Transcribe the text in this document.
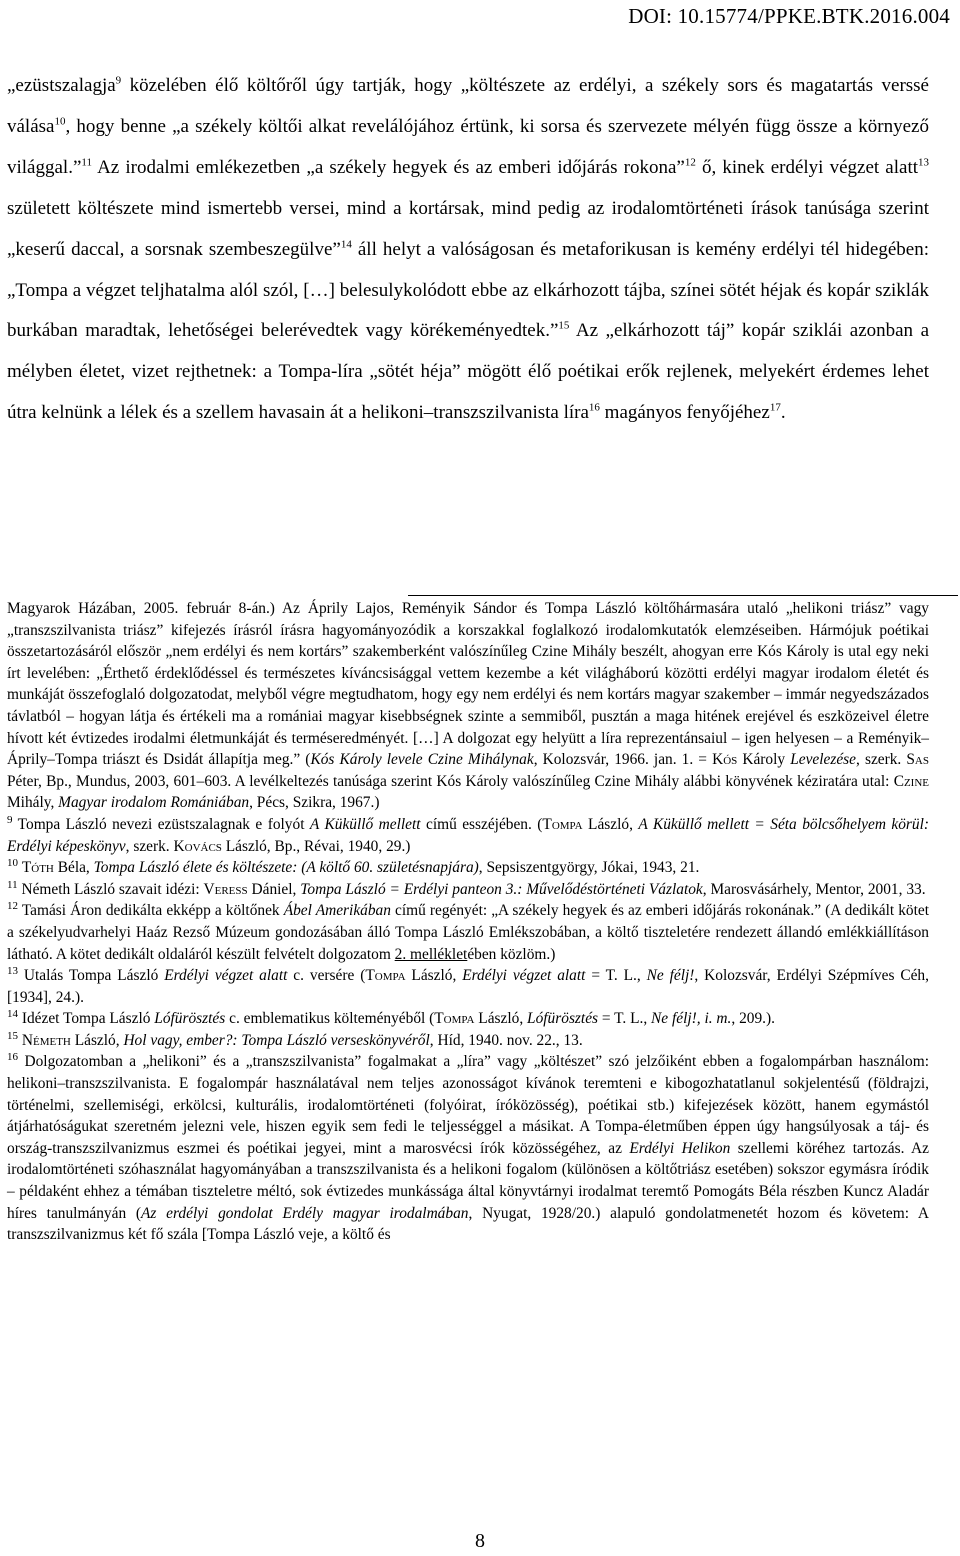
DOI: 10.15774/PPKE.BTK.2016.004
„ezüstszalagja$^9$ közelében élő költőről úgy tartják, hogy „költészete az erdélyi, a székely sors és magatartás verssé válása$^{10}$, hogy benne „a székely költői alkat revelálójához értünk, ki sorsa és szervezete mélyén függ össze a környező világgal.”$^{11}$ Az irodalmi emlékezetben „a székely hegyek és az emberi időjárás rokona”$^{12}$ ő, kinek erdélyi végzet alatt$^{13}$ született költészete mind ismertebb versei, mind a kortársak, mind pedig az irodalomtörténeti írások tanúsága szerint „keserű daccal, a sorsnak szembeszegülve”$^{14}$ áll helyt a valóságosan és metaforikusan is kemény erdélyi tél hidegében: „Tompa a végzet teljhatalma alól szól, […] belesulykolódott ebbe az elkárhozott tájba, színei sötét héjak és kopár sziklák burkában maradtak, lehetőségei belerévedtek vagy körékeményedtek.”$^{15}$ Az „elkárhozott táj” kopár sziklái azonban a mélyben életet, vizet rejthetnek: a Tompa-líra „sötét héja” mögött élő poétikai erők rejlenek, melyekért érdemes lehet útra kelnünk a lélek és a szellem havasain át a helikoni–transzszilvanista líra$^{16}$ magányos fenyőjéhez$^{17}$.
Magyarok Házában, 2005. február 8-án.) Az Áprily Lajos, Reményik Sándor és Tompa László költőhármasára utaló „helikoni triász” vagy „transzszilvanista triász” kifejezés írásról írásra hagyományozódik a korszakkal foglalkozó irodalomkutatók elemzéseiben. Hármójuk poétikai összetartozásáról először „nem erdélyi és nem kortárs” szakemberként valószínűleg Czine Mihály beszélt, ahogyan erre Kós Károly is utal egy neki írt levelében: „Érthető érdeklődéssel és természetes kíváncsisággal vettem kezembe a két világháború közötti erdélyi magyar irodalom életét és munkáját összefoglaló dolgozatodat, melyből végre megtudhatom, hogy egy nem erdélyi és nem kortárs magyar szakember – immár negyedszázados távlatból – hogyan látja és értékeli ma a romániai magyar kisebbségnek szinte a semmiből, pusztán a maga hitének erejével és eszközeivel életre hívott két évtizedes irodalmi életmunkáját és terméseredményét. […] A dolgozat egy helyütt a líra reprezentánsaiul – igen helyesen – a Reményik–Áprily–Tompa triászt és Dsidát állapítja meg.” (Kós Károly levele Czine Mihálynak, Kolozsvár, 1966. jan. 1. = Kós Károly Levelezése, szerk. Sas Péter, Bp., Mundus, 2003, 601–603. A levélkeltezés tanúsága szerint Kós Károly valószínűleg Czine Mihály alábbi könyvének kéziratára utal: Czine Mihály, Magyar irodalom Romániában, Pécs, Szikra, 1967.)
$^9$ Tompa László nevezi ezüstszalagnak e folyót A Küküllő mellett című esszéjében. (Tompa László, A Küküllő mellett = Séta bölcsőhelyem körül: Erdélyi képeskönyv, szerk. Kovács László, Bp., Révai, 1940, 29.)
$^{10}$ Tóth Béla, Tompa László élete és költészete: (A költő 60. születésnapjára), Sepsiszentgyörgy, Jókai, 1943, 21.
$^{11}$ Németh László szavait idézi: Veress Dániel, Tompa László = Erdélyi panteon 3.: Művelődéstörténeti Vázlatok, Marosvásárhely, Mentor, 2001, 33.
$^{12}$ Tamási Áron dedikálta ekképp a költőnek Ábel Amerikában című regényét: „A székely hegyek és az emberi időjárás rokonának.” (A dedikált kötet a székelyudvarhelyi Haáz Rezső Múzeum gondozásában álló Tompa László Emlékszobában, a költő tiszteletére rendezett állandó emlékkiállításon látható. A kötet dedikált oldaláról készült felvételt dolgozatom 2. mellékletében közlöm.)
$^{13}$ Utalás Tompa László Erdélyi végzet alatt c. versére (Tompa László, Erdélyi végzet alatt = T. L., Ne félj!, Kolozsvár, Erdélyi Szépmíves Céh, [1934], 24.).
$^{14}$ Idézet Tompa László Lófürösztés c. emblematikus költeményéből (Tompa László, Lófürösztés = T. L., Ne félj!, i. m., 209.).
$^{15}$ Németh László, Hol vagy, ember?: Tompa László verseskönyvéről, Híd, 1940. nov. 22., 13.
$^{16}$ Dolgozatomban a „helikoni” és a „transzszilvanista” fogalmakat a „líra” vagy „költészet” szó jelzőiként ebben a fogalompárban használom: helikoni–transzszilvanista. E fogalompár használatával nem teljes azonosságot kívánok teremteni e kibogozhatatlanul sokjelentésű (földrajzi, történelmi, szellemiségi, erkölcsi, kulturális, irodalomtörténeti (folyóirat, íróközösség), poétikai stb.) kifejezések között, hanem egymástól átjárhatóságukat szeretném jelezni vele, hiszen egyik sem fedi le teljességgel a másikat. A Tompa-életműben éppen úgy hangsúlyosak a táj- és ország-transzszilvanizmus eszmei és poétikai jegyei, mint a marosvécsi írók közösségéhez, az Erdélyi Helikon szellemi köréhez tartozás. Az irodalomtörténeti szóhasználat hagyományában a transzszilvanista és a helikoni fogalom (különösen a költőtriász esetében) sokszor egymásra íródik – példaként ehhez a témában tiszteletre méltó, sok évtizedes munkássága által könyvtárnyi irodalmat teremtő Pomogáts Béla részben Kuncz Aladár híres tanulmányán (Az erdélyi gondolat Erdély magyar irodalmában, Nyugat, 1928/20.) alapuló gondolatmenetét hozom és követem: A transzszilvanizmus két fő szála [Tompa László veje, a költő és
8
